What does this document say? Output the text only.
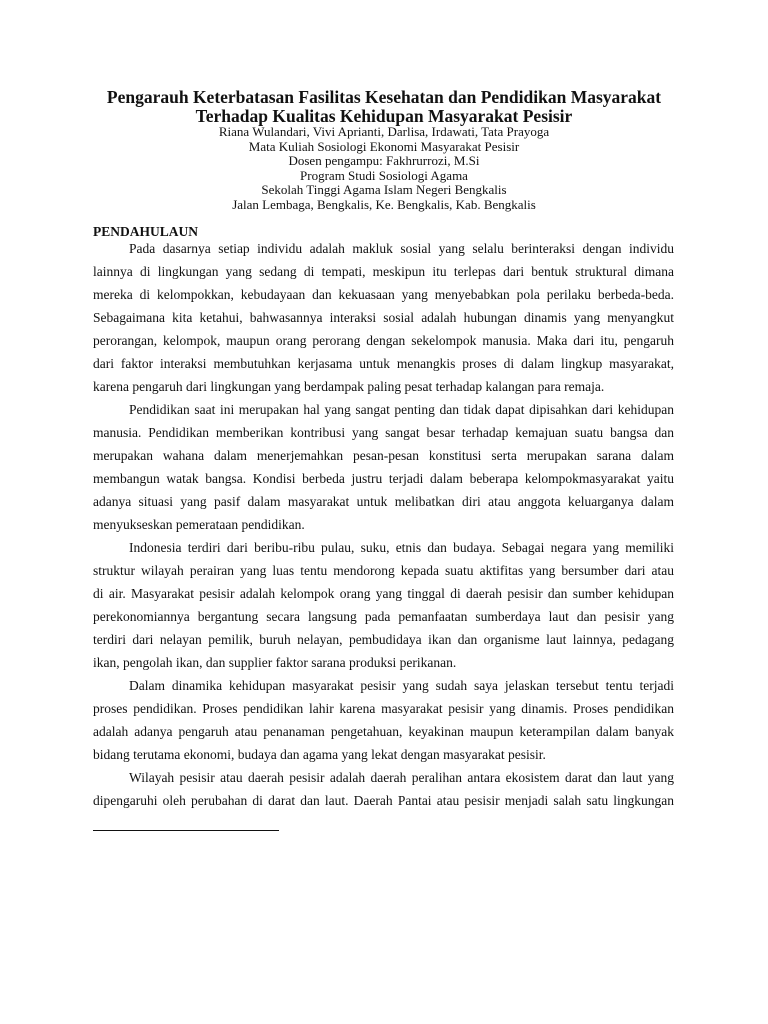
Pengarauh Keterbatasan Fasilitas Kesehatan dan Pendidikan Masyarakat
Terhadap Kualitas Kehidupan Masyarakat Pesisir
Riana Wulandari, Vivi Aprianti, Darlisa, Irdawati, Tata Prayoga
Mata Kuliah Sosiologi Ekonomi Masyarakat Pesisir
Dosen pengampu: Fakhrurrozi, M.Si
Program Studi Sosiologi Agama
Sekolah Tinggi Agama Islam Negeri Bengkalis
Jalan Lembaga, Bengkalis, Ke. Bengkalis, Kab. Bengkalis
PENDAHULAUN
Pada dasarnya setiap individu adalah makluk sosial yang selalu berinteraksi dengan individu
lainnya di lingkungan yang sedang di tempati, meskipun itu terlepas dari bentuk struktural dimana
mereka di kelompokkan, kebudayaan dan kekuasaan yang menyebabkan pola perilaku berbeda-beda.
Sebagaimana kita ketahui, bahwasannya interaksi sosial adalah hubungan dinamis yang menyangkut
perorangan, kelompok, maupun orang perorang dengan sekelompok manusia. Maka dari itu, pengaruh
dari faktor interaksi membutuhkan kerjasama untuk menangkis proses di dalam lingkup masyarakat,
karena pengaruh dari lingkungan yang berdampak paling pesat terhadap kalangan para remaja.
Pendidikan saat ini merupakan hal yang sangat penting dan tidak dapat dipisahkan dari kehidupan
manusia. Pendidikan memberikan kontribusi yang sangat besar terhadap kemajuan suatu bangsa dan
merupakan wahana dalam menerjemahkan pesan-pesan konstitusi serta merupakan sarana dalam
membangun watak bangsa. Kondisi berbeda justru terjadi dalam beberapa kelompokmasyarakat yaitu
adanya situasi yang pasif dalam masyarakat untuk melibatkan diri atau anggota keluarganya dalam
menyukseskan pemerataan pendidikan.
Indonesia terdiri dari beribu-ribu pulau, suku, etnis dan budaya. Sebagai negara yang memiliki
struktur wilayah perairan yang luas tentu mendorong kepada suatu aktifitas yang bersumber dari atau
di air. Masyarakat pesisir adalah kelompok orang yang tinggal di daerah pesisir dan sumber kehidupan
perekonomiannya bergantung secara langsung pada pemanfaatan sumberdaya laut dan pesisir yang
terdiri dari nelayan pemilik, buruh nelayan, pembudidaya ikan dan organisme laut lainnya, pedagang
ikan, pengolah ikan, dan supplier faktor sarana produksi perikanan.
Dalam dinamika kehidupan masyarakat pesisir yang sudah saya jelaskan tersebut tentu terjadi
proses pendidikan. Proses pendidikan lahir karena masyarakat pesisir yang dinamis. Proses pendidikan
adalah adanya pengaruh atau penanaman pengetahuan, keyakinan maupun keterampilan dalam banyak
bidang terutama ekonomi, budaya dan agama yang lekat dengan masyarakat pesisir.
Wilayah pesisir atau daerah pesisir adalah daerah peralihan antara ekosistem darat dan laut yang
dipengaruhi oleh perubahan di darat dan laut. Daerah Pantai atau pesisir menjadi salah satu lingkungan
